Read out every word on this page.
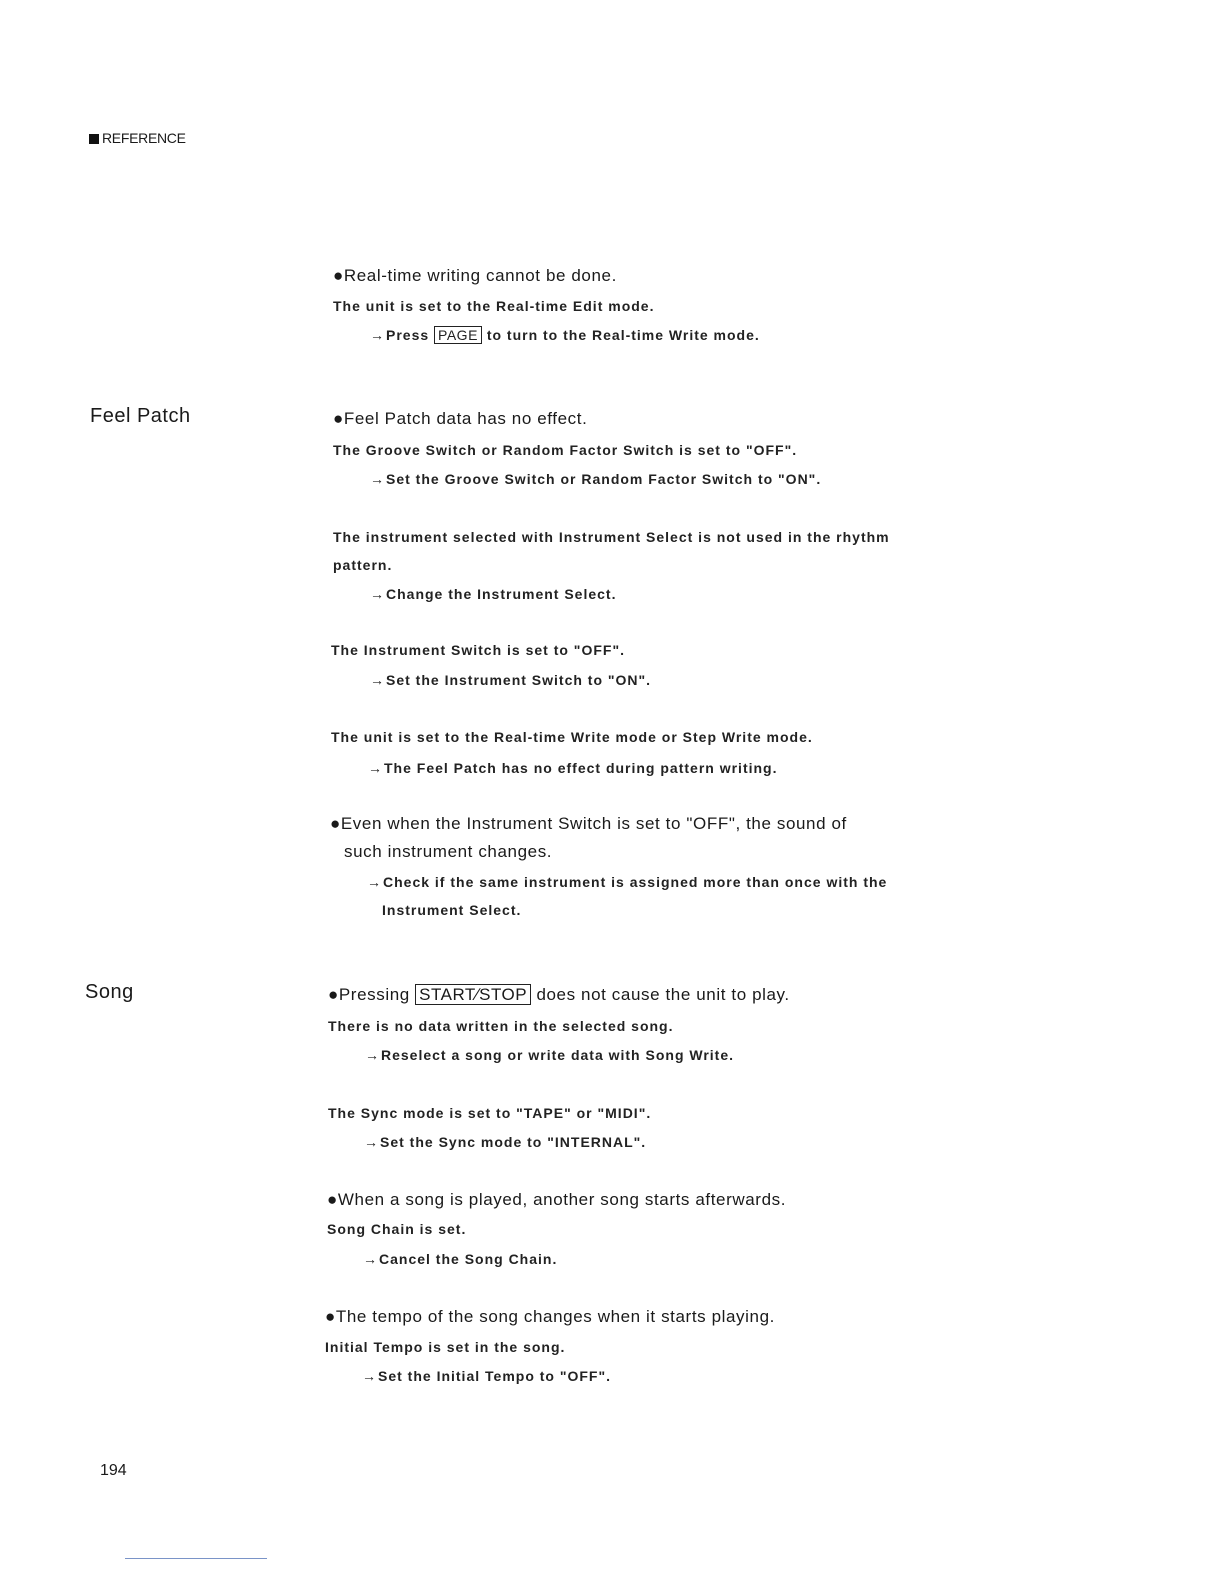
REFERENCE
Feel Patch
Song
●Real-time writing cannot be done.
The unit is set to the Real-time Edit mode.
→Press PAGE to turn to the Real-time Write mode.
●Feel Patch data has no effect.
The Groove Switch or Random Factor Switch is set to "OFF".
→Set the Groove Switch or Random Factor Switch to "ON".
The instrument selected with Instrument Select is not used in the rhythm
pattern.
→Change the Instrument Select.
The Instrument Switch is set to "OFF".
→Set the Instrument Switch to "ON".
The unit is set to the Real-time Write mode or Step Write mode.
→The Feel Patch has no effect during pattern writing.
●Even when the Instrument Switch is set to "OFF", the sound of
such instrument changes.
→Check if the same instrument is assigned more than once with the
Instrument Select.
●Pressing START∕STOP does not cause the unit to play.
There is no data written in the selected song.
→Reselect a song or write data with Song Write.
The Sync mode is set to "TAPE" or "MIDI".
→Set the Sync mode to "INTERNAL".
●When a song is played, another song starts afterwards.
Song Chain is set.
→Cancel the Song Chain.
●The tempo of the song changes when it starts playing.
Initial Tempo is set in the song.
→Set the Initial Tempo to "OFF".
194
